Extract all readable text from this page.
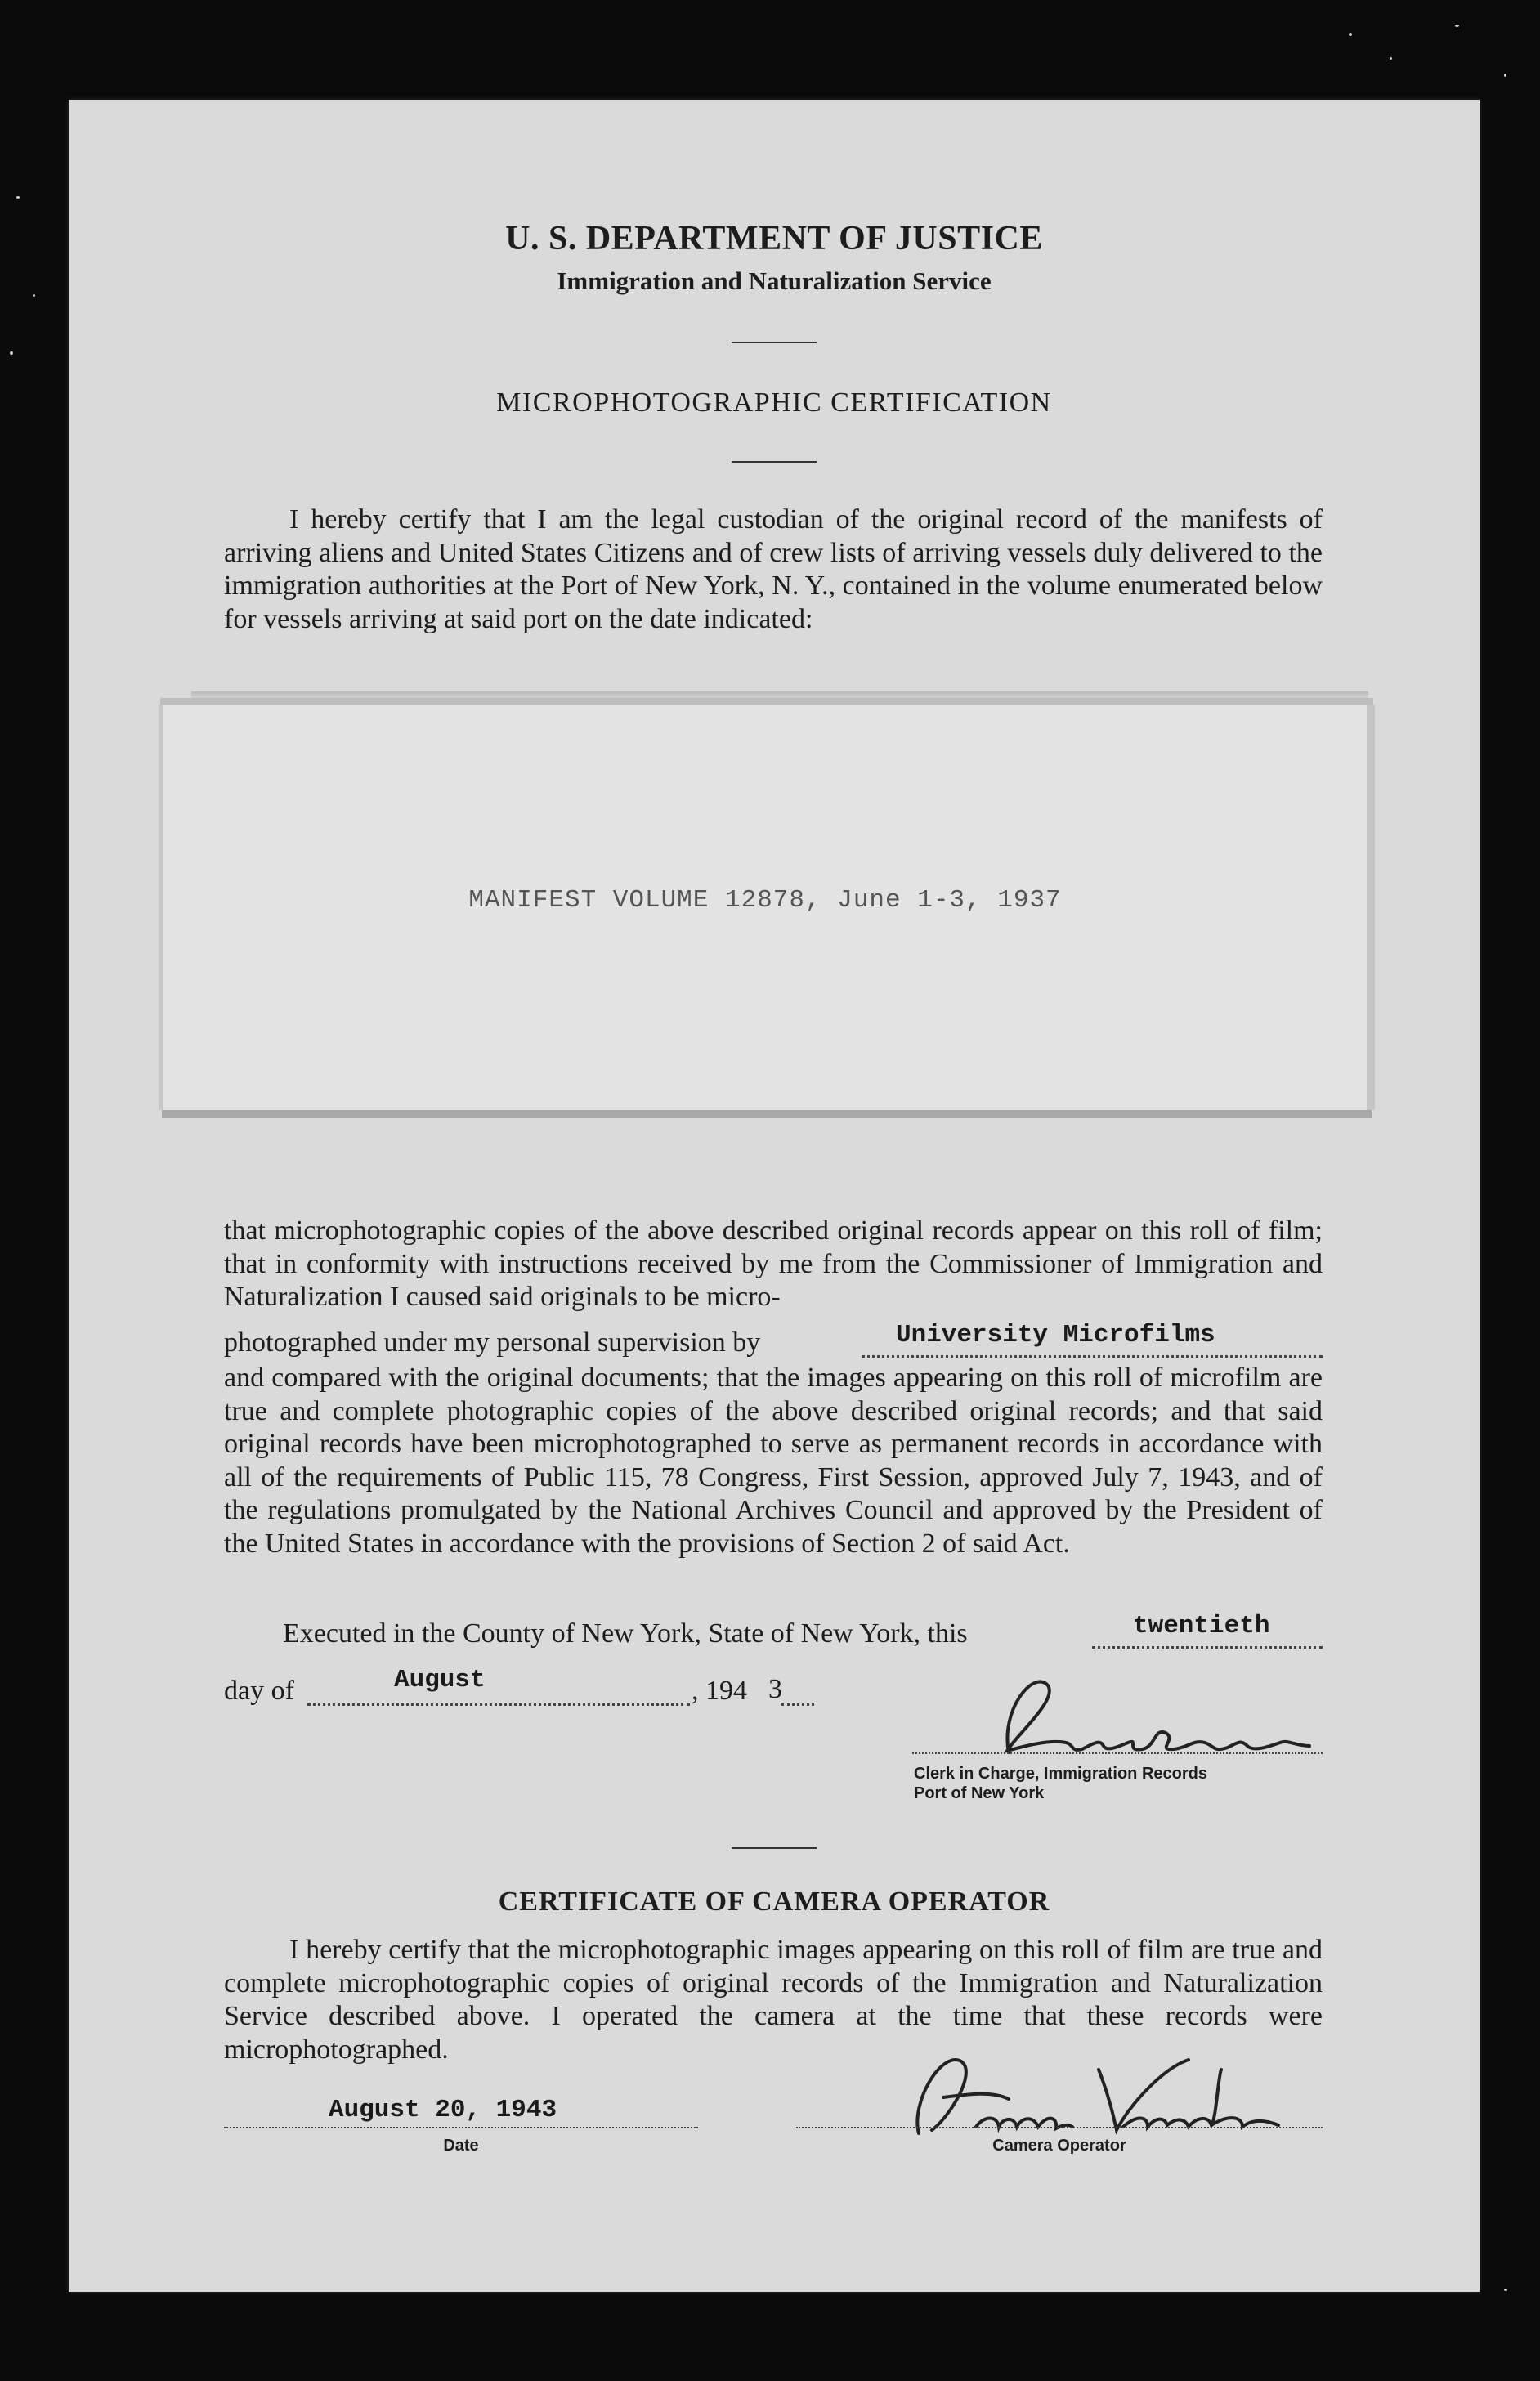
U. S. DEPARTMENT OF JUSTICE
Immigration and Naturalization Service
MICROPHOTOGRAPHIC CERTIFICATION
I hereby certify that I am the legal custodian of the original record of the manifests of arriving aliens and United States Citizens and of crew lists of arriving vessels duly delivered to the immigration authorities at the Port of New York, N. Y., contained in the volume enumerated below for vessels arriving at said port on the date indicated:
MANIFEST VOLUME 12878, June 1-3, 1937
that microphotographic copies of the above described original records appear on this roll of film; that in conformity with instructions received by me from the Commissioner of Immigration and Naturalization I caused said originals to be micro-
photographed under my personal supervision by	University Microfilms
and compared with the original documents; that the images appearing on this roll of microfilm are true and complete photographic copies of the above described original records; and that said original records have been microphotographed to serve as permanent records in accordance with all of the requirements of Public 115, 78 Congress, First Session, approved July 7, 1943, and of the regulations promulgated by the National Archives Council and approved by the President of the United States in accordance with the provisions of Section 2 of said Act.
Executed in the County of New York, State of New York, this	twentieth
day of	August	, 194 3
Clerk in Charge, Immigration Records
Port of New York
CERTIFICATE OF CAMERA OPERATOR
I hereby certify that the microphotographic images appearing on this roll of film are true and complete microphotographic copies of original records of the Immigration and Naturalization Service described above. I operated the camera at the time that these records were microphotographed.
August 20, 1943
Date	Camera Operator
